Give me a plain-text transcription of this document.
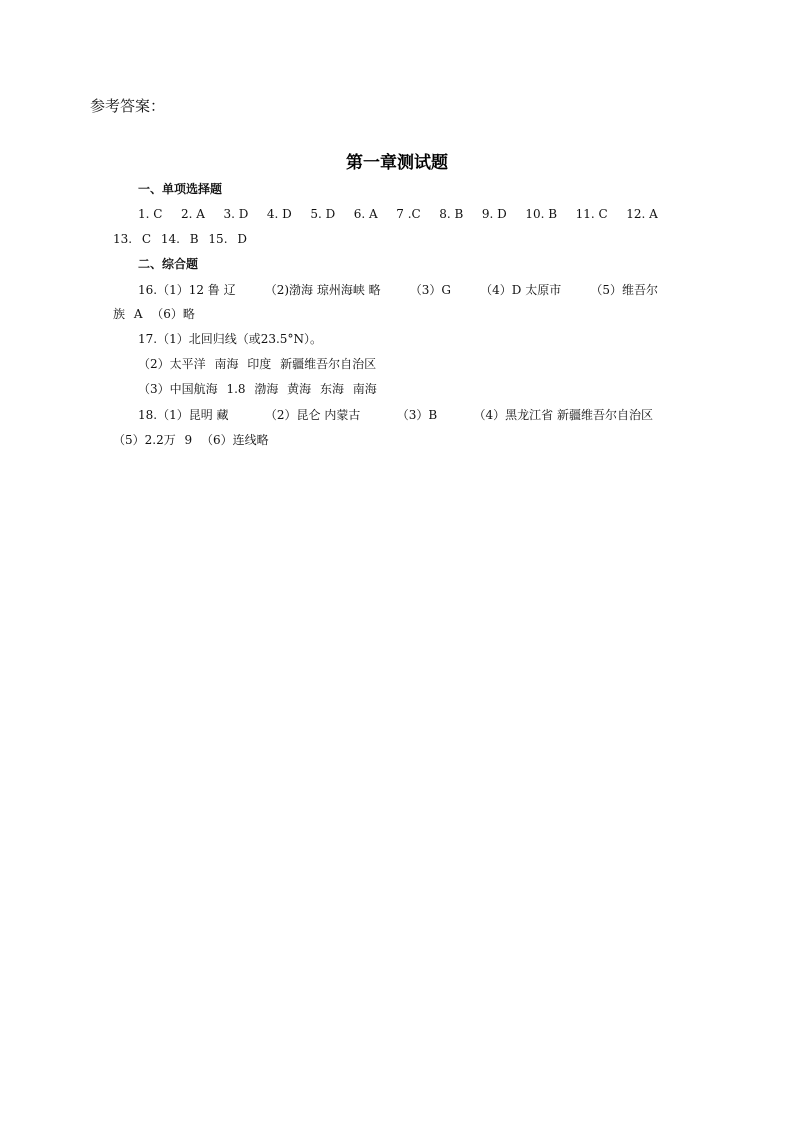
参考答案：
第一章测试题
一、单项选择题
1. C 2. A 3. D 4. D 5. D 6. A 7 .C 8. B 9. D 10. B 11. C 12. A
13. C 14. B 15. D
二、综合题
16.（1）12 鲁 辽 （2)渤海 琼州海峡 略 （3）G （4）D 太原市 （5）维吾尔
族 A （6）略
17.（1）北回归线（或23.5°N）。
（2）太平洋 南海 印度 新疆维吾尔自治区
（3）中国航海 1.8 渤海 黄海 东海 南海
18.（1）昆明 藏	（2）昆仑 内蒙古	（3）B	（4）黑龙江省 新疆维吾尔自治区
（5）2.2万 9 （6）连线略
